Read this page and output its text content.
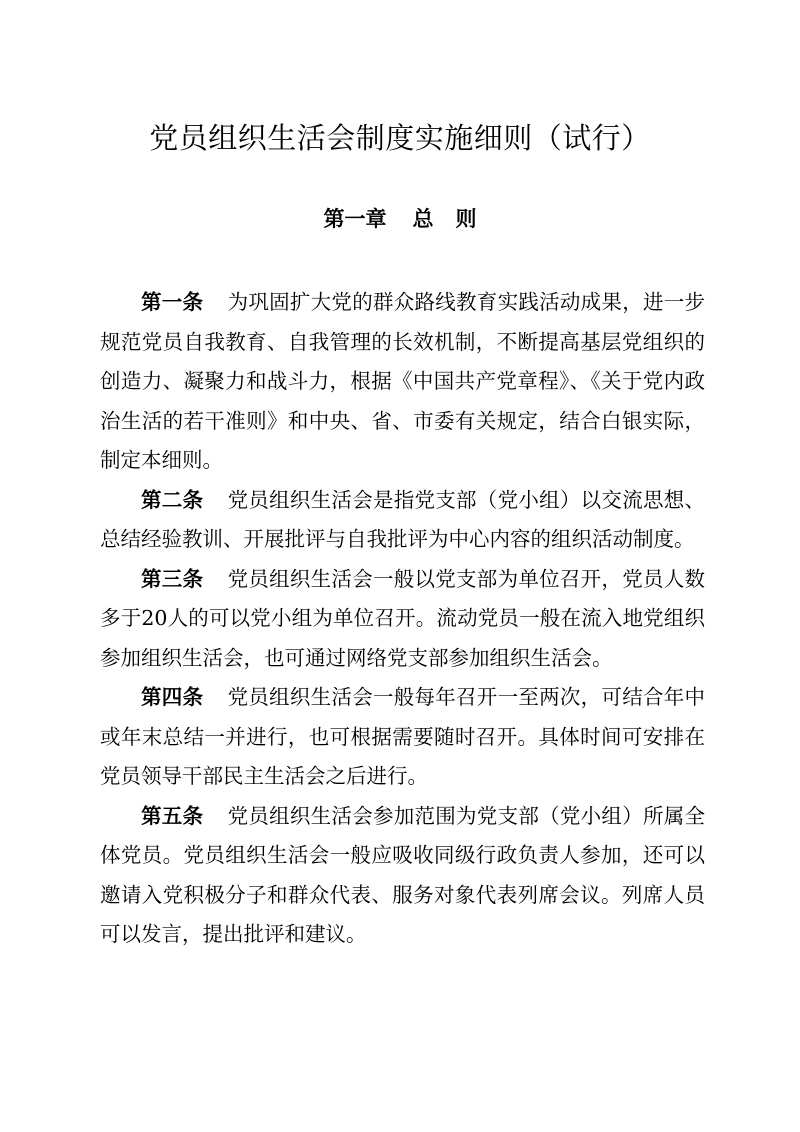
党员组织生活会制度实施细则（试行）
第一章 总 则

第一条 为巩固扩大党的群众路线教育实践活动成果，进一步规范党员自我教育、自我管理的长效机制，不断提高基层党组织的创造力、凝聚力和战斗力，根据《中国共产党章程》、《关于党内政治生活的若干准则》和中央、省、市委有关规定，结合白银实际，制定本细则。

第二条 党员组织生活会是指党支部（党小组）以交流思想、总结经验教训、开展批评与自我批评为中心内容的组织活动制度。

第三条 党员组织生活会一般以党支部为单位召开，党员人数多于20人的可以党小组为单位召开。流动党员一般在流入地党组织参加组织生活会，也可通过网络党支部参加组织生活会。

第四条 党员组织生活会一般每年召开一至两次，可结合年中或年末总结一并进行，也可根据需要随时召开。具体时间可安排在党员领导干部民主生活会之后进行。

第五条 党员组织生活会参加范围为党支部（党小组）所属全体党员。党员组织生活会一般应吸收同级行政负责人参加，还可以邀请入党积极分子和群众代表、服务对象代表列席会议。列席人员可以发言，提出批评和建议。
